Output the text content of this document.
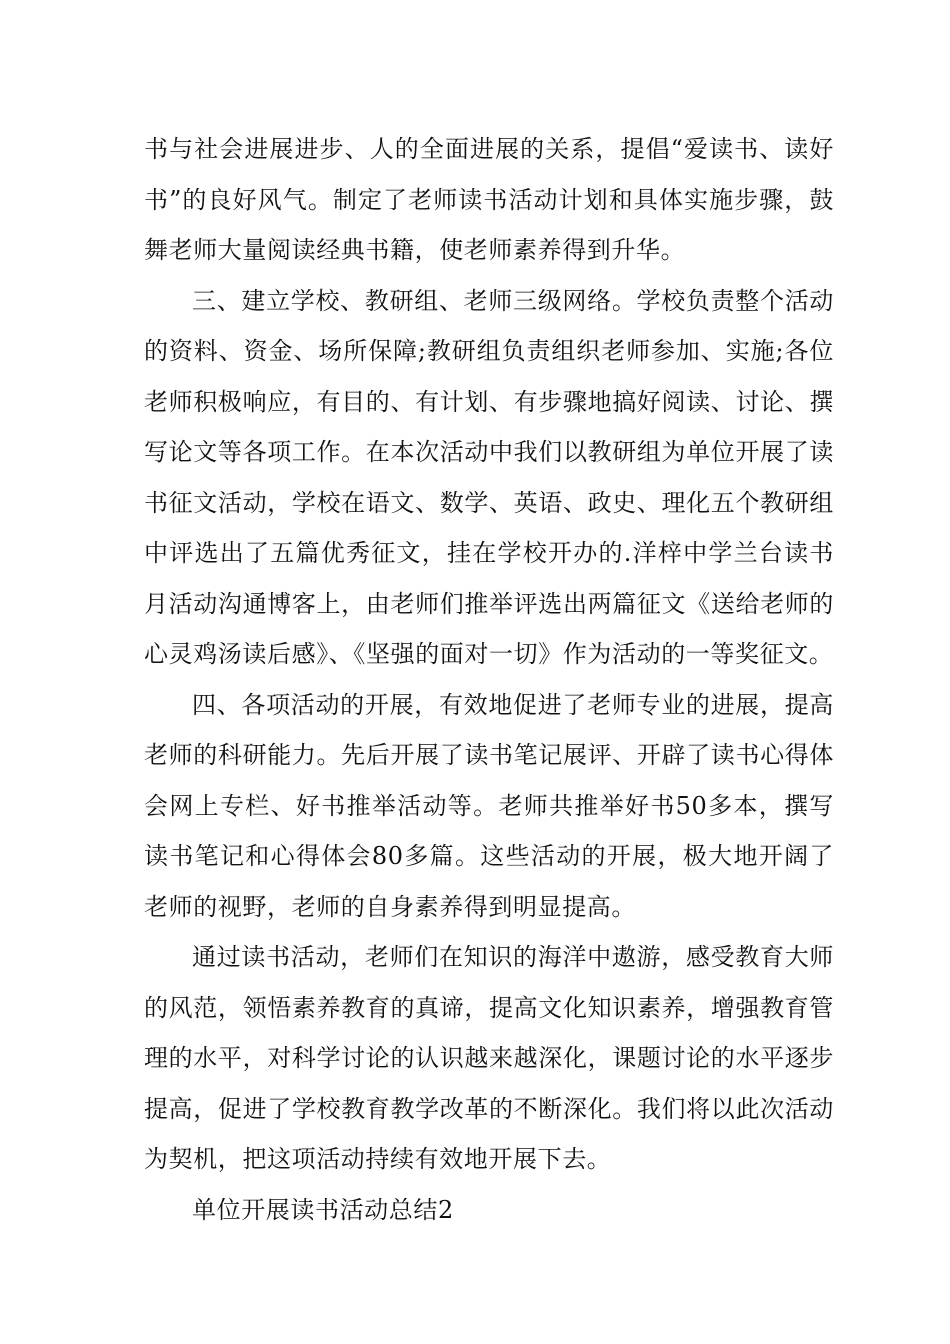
书与社会进展进步、人的全面进展的关系，提倡“爱读书、读好书”的良好风气。制定了老师读书活动计划和具体实施步骤，鼓舞老师大量阅读经典书籍，使老师素养得到升华。

三、建立学校、教研组、老师三级网络。学校负责整个活动的资料、资金、场所保障;教研组负责组织老师参加、实施;各位老师积极响应，有目的、有计划、有步骤地搞好阅读、讨论、撰写论文等各项工作。在本次活动中我们以教研组为单位开展了读书征文活动，学校在语文、数学、英语、政史、理化五个教研组中评选出了五篇优秀征文，挂在学校开办的.洋梓中学兰台读书月活动沟通博客上，由老师们推举评选出两篇征文《送给老师的心灵鸡汤读后感》、《坚强的面对一切》作为活动的一等奖征文。

四、各项活动的开展，有效地促进了老师专业的进展，提高老师的科研能力。先后开展了读书笔记展评、开辟了读书心得体会网上专栏、好书推举活动等。老师共推举好书50多本，撰写读书笔记和心得体会80多篇。这些活动的开展，极大地开阔了老师的视野，老师的自身素养得到明显提高。

通过读书活动，老师们在知识的海洋中遨游，感受教育大师的风范，领悟素养教育的真谛，提高文化知识素养，增强教育管理的水平，对科学讨论的认识越来越深化，课题讨论的水平逐步提高，促进了学校教育教学改革的不断深化。我们将以此次活动为契机，把这项活动持续有效地开展下去。

单位开展读书活动总结2
